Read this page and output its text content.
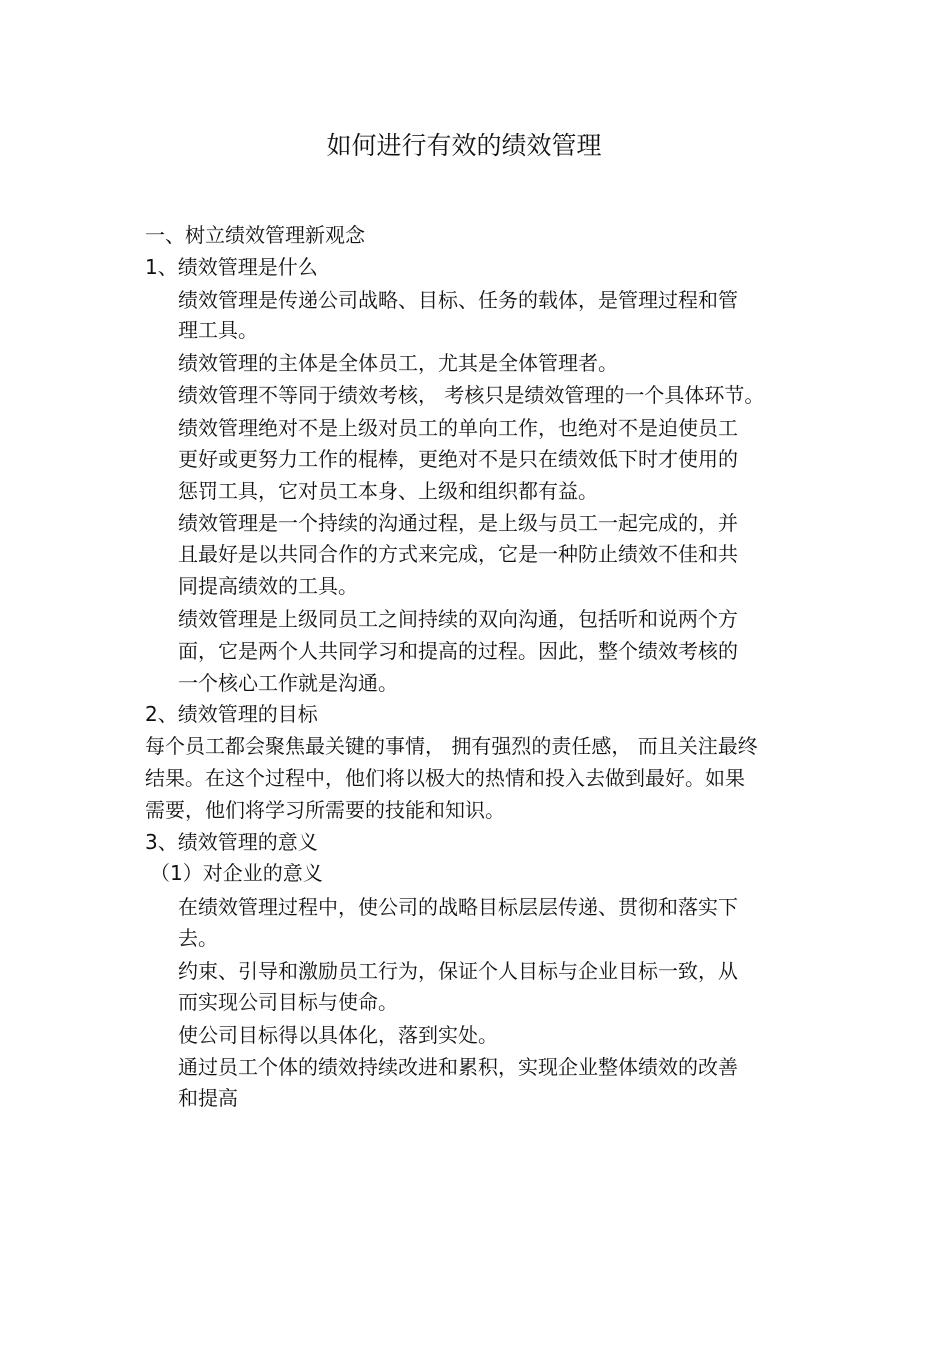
如何进行有效的绩效管理

一、树立绩效管理新观念

1、绩效管理是什么

绩效管理是传递公司战略、目标、任务的载体，是管理过程和管

理工具。

绩效管理的主体是全体员工，尤其是全体管理者。

绩效管理不等同于绩效考核， 考核只是绩效管理的一个具体环节。

绩效管理绝对不是上级对员工的单向工作，也绝对不是迫使员工

更好或更努力工作的棍棒，更绝对不是只在绩效低下时才使用的

惩罚工具，它对员工本身、上级和组织都有益。

绩效管理是一个持续的沟通过程，是上级与员工一起完成的，并

且最好是以共同合作的方式来完成，它是一种防止绩效不佳和共

同提高绩效的工具。

绩效管理是上级同员工之间持续的双向沟通，包括听和说两个方

面，它是两个人共同学习和提高的过程。因此，整个绩效考核的

一个核心工作就是沟通。

2、绩效管理的目标

每个员工都会聚焦最关键的事情， 拥有强烈的责任感， 而且关注最终

结果。在这个过程中，他们将以极大的热情和投入去做到最好。如果

需要，他们将学习所需要的技能和知识。

3、绩效管理的意义

（1）对企业的意义

在绩效管理过程中，使公司的战略目标层层传递、贯彻和落实下

去。

约束、引导和激励员工行为，保证个人目标与企业目标一致，从

而实现公司目标与使命。

使公司目标得以具体化，落到实处。

通过员工个体的绩效持续改进和累积，实现企业整体绩效的改善

和提高
